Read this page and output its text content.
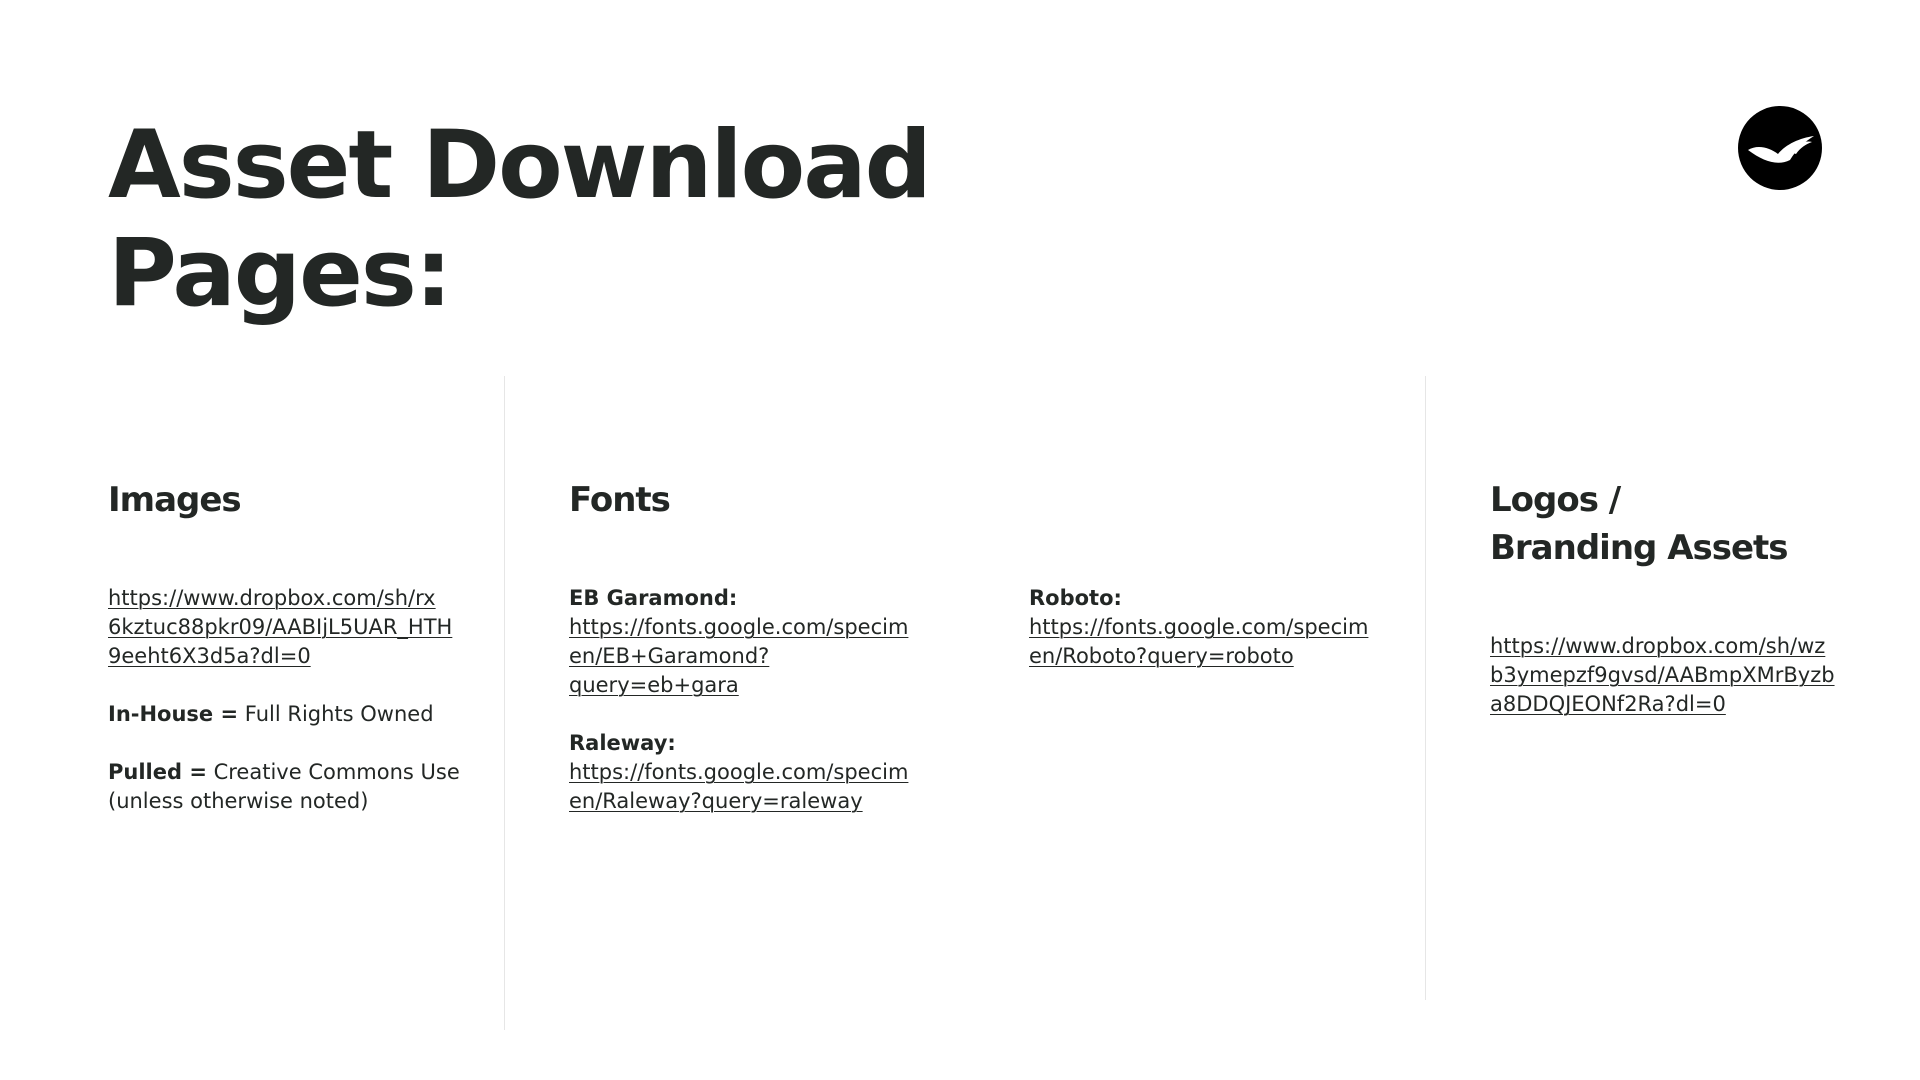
Asset Download
Pages:
Images
https://www.dropbox.com/sh/rx
6kztuc88pkr09/AABIjL5UAR_HTH
9eeht6X3d5a?dl=0

In-House = Full Rights Owned

Pulled = Creative Commons Use

(unless otherwise noted)

Fonts

EB Garamond:

https://fonts.google.com/specim
en/EB+Garamond?
query=eb+gara

Raleway:

https://fonts.google.com/specim
en/Raleway?query=raleway

Roboto:

https://fonts.google.com/specim
en/Roboto?query=roboto
Logos /
Branding Assets
https://www.dropbox.com/sh/wz
b3ymepzf9gvsd/AABmpXMrByzb
a8DDQJEONf2Ra?dl=0
